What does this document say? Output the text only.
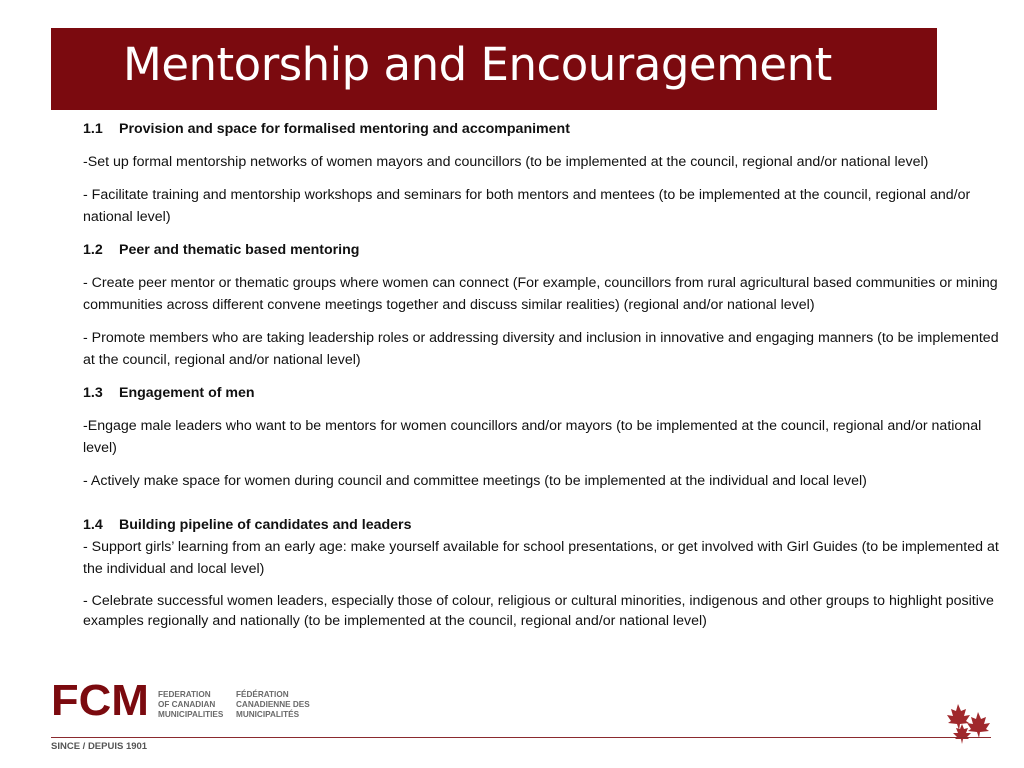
Mentorship and Encouragement

1.1 Provision and space for formalised mentoring and accompaniment

-Set up formal mentorship networks of women mayors and councillors (to be implemented at the council, regional and/or national level)

- Facilitate training and mentorship workshops and seminars for both mentors and mentees (to be implemented at the council, regional and/or national level)

1.2 Peer and thematic based mentoring

- Create peer mentor or thematic groups where women can connect (For example, councillors from rural agricultural based communities or mining communities across different convene meetings together and discuss similar realities) (regional and/or national level)

- Promote members who are taking leadership roles or addressing diversity and inclusion in innovative and engaging manners (to be implemented at the council, regional and/or national level)

1.3 Engagement of men

-Engage male leaders who want to be mentors for women councillors and/or mayors (to be implemented at the council, regional and/or national level)

- Actively make space for women during council and committee meetings (to be implemented at the individual and local level)

1.4 Building pipeline of candidates and leaders

- Support girls’ learning from an early age: make yourself available for school presentations, or get involved with Girl Guides (to be implemented at the individual and local level)

- Celebrate successful women leaders, especially those of colour, religious or cultural minorities, indigenous and other groups to highlight positive examples regionally and nationally (to be implemented at the council, regional and/or national level)

FCM FEDERATION
OF CANADIAN
MUNICIPALITIES
FÉDÉRATION
CANADIENNE DES
MUNICIPALITÉS
SINCE / DEPUIS 1901
